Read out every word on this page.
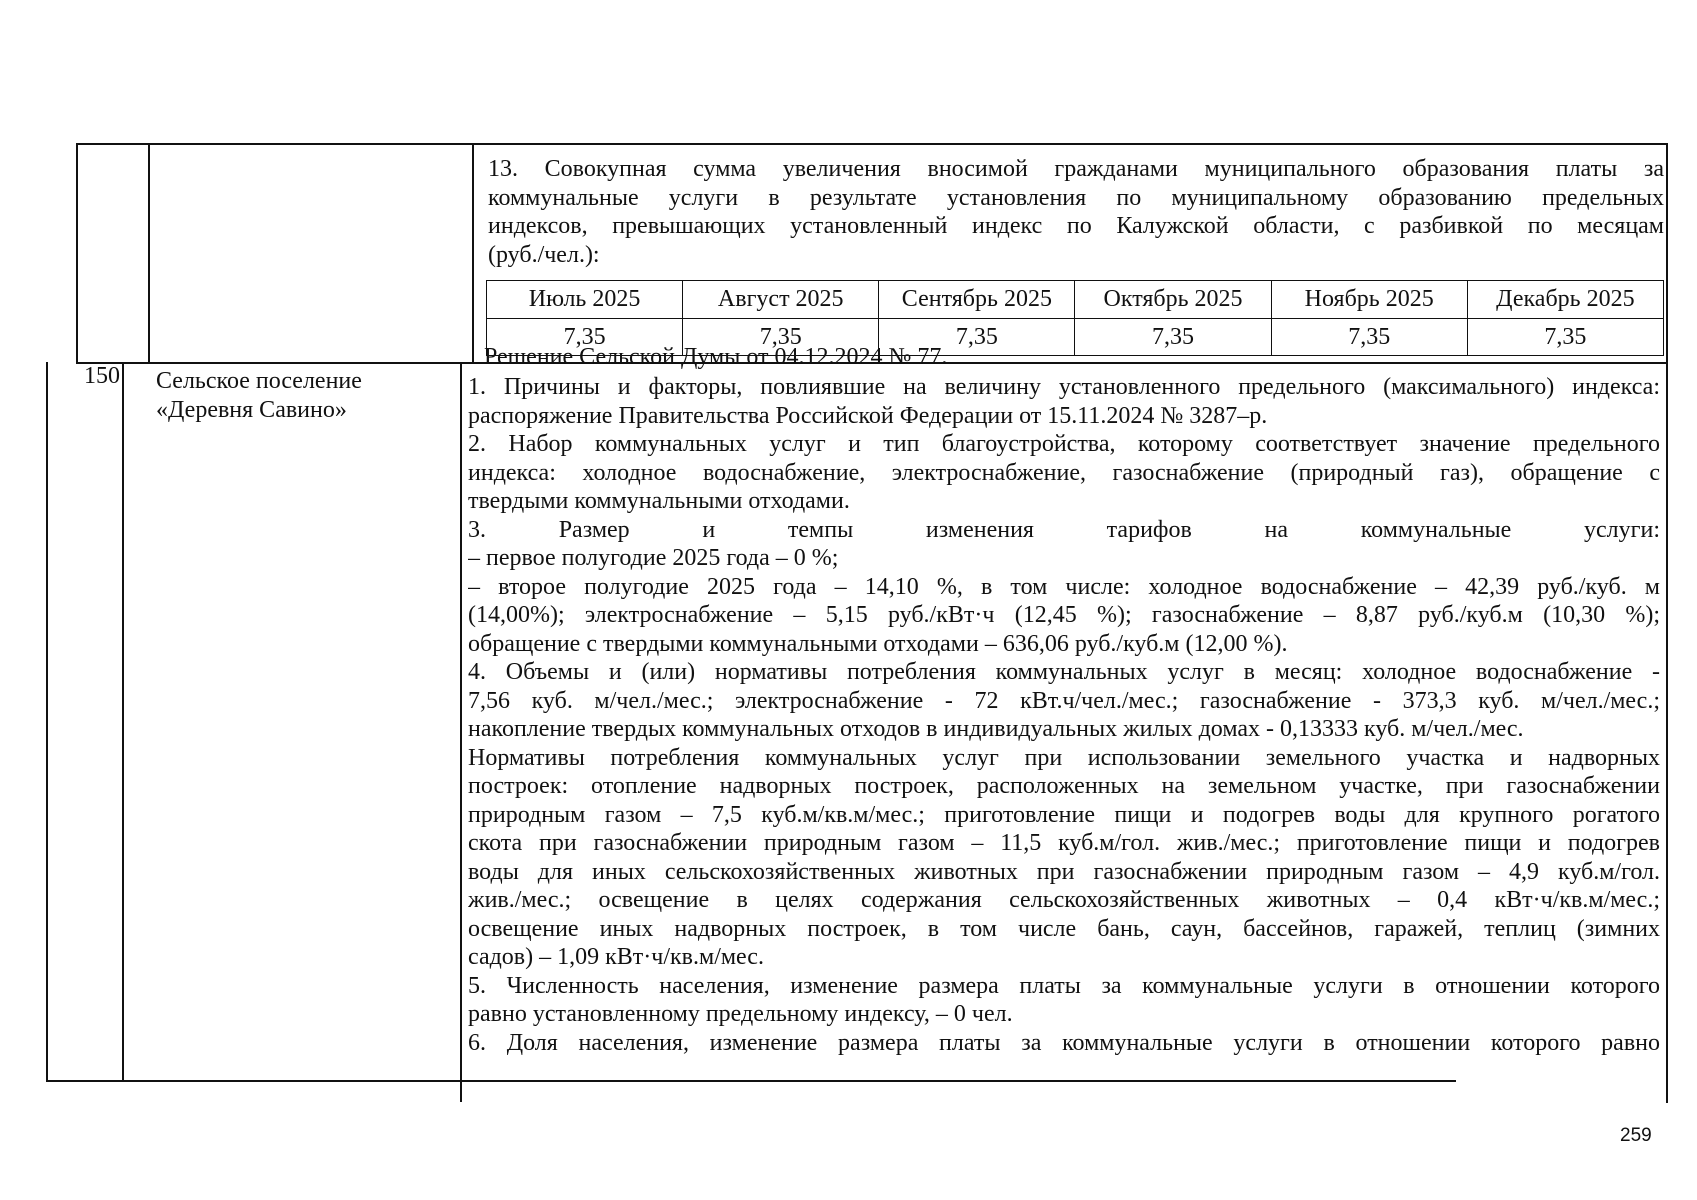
13. Совокупная сумма увеличения вносимой гражданами муниципального образования платы за
коммунальные услуги в результате установления по муниципальному образованию предельных
индексов, превышающих установленный индекс по Калужской области, с разбивкой по месяцам
(руб./чел.):
Июль 2025	Август 2025	Сентябрь 2025	Октябрь 2025	Ноябрь 2025	Декабрь 2025
7,35	7,35	7,35	7,35	7,35	7,35
Решение Сельской Думы от 04.12.2024 № 77.
150 Сельское поселение
«Деревня Савино»
1. Причины и факторы, повлиявшие на величину установленного предельного (максимального) индекса:
распоряжение Правительства Российской Федерации от 15.11.2024 № 3287–р.
2. Набор коммунальных услуг и тип благоустройства, которому соответствует значение предельного
индекса: холодное водоснабжение, электроснабжение, газоснабжение (природный газ), обращение с
твердыми коммунальными отходами.
3. Размер и темпы изменения тарифов на коммунальные услуги:
– первое полугодие 2025 года – 0 %;
– второе полугодие 2025 года – 14,10 %, в том числе: холодное водоснабжение – 42,39 руб./куб. м
(14,00%); электроснабжение – 5,15 руб./кВт·ч (12,45 %); газоснабжение – 8,87 руб./куб.м (10,30 %);
обращение с твердыми коммунальными отходами – 636,06 руб./куб.м (12,00 %).
4. Объемы и (или) нормативы потребления коммунальных услуг в месяц: холодное водоснабжение -
7,56 куб. м/чел./мес.; электроснабжение - 72 кВт.ч/чел./мес.; газоснабжение - 373,3 куб. м/чел./мес.;
накопление твердых коммунальных отходов в индивидуальных жилых домах - 0,13333 куб. м/чел./мес.
Нормативы потребления коммунальных услуг при использовании земельного участка и надворных
построек: отопление надворных построек, расположенных на земельном участке, при газоснабжении
природным газом – 7,5 куб.м/кв.м/мес.; приготовление пищи и подогрев воды для крупного рогатого
скота при газоснабжении природным газом – 11,5 куб.м/гол. жив./мес.; приготовление пищи и подогрев
воды для иных сельскохозяйственных животных при газоснабжении природным газом – 4,9 куб.м/гол.
жив./мес.; освещение в целях содержания сельскохозяйственных животных – 0,4 кВт·ч/кв.м/мес.;
освещение иных надворных построек, в том числе бань, саун, бассейнов, гаражей, теплиц (зимних
садов) – 1,09 кВт·ч/кв.м/мес.
5. Численность населения, изменение размера платы за коммунальные услуги в отношении которого
равно установленному предельному индексу, – 0 чел.
6. Доля населения, изменение размера платы за коммунальные услуги в отношении которого равно
259
